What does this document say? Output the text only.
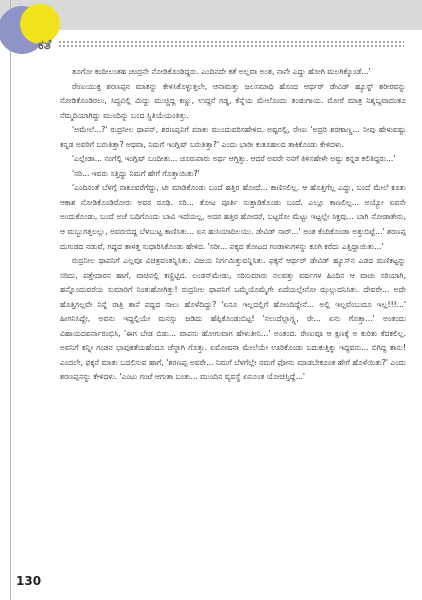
ಕತೆ

ತೂಗೋ ಕಂದೀಲಂತಹ ಚಂದ್ರನೇ ನೋಡಿಕೊಂಡಿದ್ದರು. ಎಂದಿನದೇ ಕತೆ ಅಲ್ಲವಾ ಅಂತ, ನಾನೇ ಎದ್ದು ಹೋಗಿ ಮಲಗಿಕ್ಕೊಂಡೆ...'

ರೇಣುಯುಕ್ತ ಶರಣಪ್ಪನ ಮಾತನ್ನು ಕೇಳಿಸಿಕೊಳ್ಳುತ್ತಲೇ, ಆನಾಮತ್ತು ಜಲಸಮಾಧಿ ಹೊಂದ ಆರ್ಥರ್ ಡೇವಿಡ್ ಹ್ಯೂಸ್ಟ್ ಶರೀರವನ್ನು ನೋಡಿಕೊಂಡಿರಲು, ಸಿದ್ಧವಿಲ್ಲಿ ಮಿದ್ದು ಮುಚ್ಚಿದ್ದ ಕಣ್ಣು, ಉದ್ದನೆ ಗಡ್ಡ, ಕೆನ್ನೆಯ ಮೇಲೊಂದು ತಂಡುಗಾಯ. ಮೋರೆ ಮಾತ್ರ ನಿಶ್ಶಬ್ದವಾದಂತೂ ನೆಮ್ಮದಿಯಾಗಿದ್ದು ಮುಂದಿನ್ನು ಬಂದ ಸ್ಥಿತಿಯೆಯಂತಿತ್ತು.

'ಅಮೇಲೆ...?' ರುದ್ರನೀಲ ಥಾಪನ್, ಶರಣಪ್ಪನಿಗೆ ಮಾತು ಮುಂದುವರಿಸಹೇಳಿದ. ಅಷ್ಟರಲ್ಲಿ, ರೇಣು 'ಅದ್ರರಿ ಶರಣಾಣ್ಣ... ನೀವು ಹೇಳುವಷ್ಟು ಕನ್ನಡ ಅವರಿಗೆ ಬರುತಿತ್ತಾ? ಅಥವಾ, ನಿಮಗೆ ಇಂಗ್ಲಿಷ್ ಬರುತಿತ್ತಾ?' ಎಂದು ಭಾರೀ ಕುತೂಹಲದ ತಾಕಿಕೊಂಡು ಕೇಳಿದಳು.

'ಎಲ್ಲೇಡಾ... ನಂಗೆಲ್ಲಿ ಇಂಗ್ಲಿಷ್ ಬಂದೀತು... ಚೂರುಪಾರು ಅರ್ಥ ಆಗ್ತಿತ್ತು. ಆದರೆ ಅವರೇ ನನಗೆ ತಿಳಿಸಹೇಳೇ ಅಷ್ಟು ಕನ್ನಡ ಕಲಿತಿದ್ದರು...'

'ಸರಿ... ಇವರು ಸತ್ತಿದ್ದು ನಿಮಗೆ ಹೇಗೆ ಗೊತ್ತಾಯಿತು?'

'ಎಂದಿನಂತೆ ಬೆಳಗ್ಗೆ ನಾಕೂವರೆಗೆದ್ದು, ಟೀ ಮಾಡಿಕೊಂಡು ಬಂದೆ ಹತ್ತಿರ ಹೋದೆ... ಕಾಣಿಸಲಿಲ್ಲ. ಆ ಹೊತ್ತಿಗೆಲ್ಲ ಎದ್ದು, ಬಂದೆ ಮೇಲೆ ಕೂತು ಆಕಾಶ ನೋಡಿಕೊಂಡಿರೋರು ಅವರ ರೂಢಿ. ಸರಿ... ತೋಟ ಪೂರ್ತಿ ಸುತ್ತಾಡಿಕೊಂಡು ಬಂದೆ. ಎಲ್ಲೂ ಕಾಣಲಿಲ್ಲ... ಅಯ್ಯೋ ಏವನೇ ಅಂದುಕೊಂಡು, ಬಂದೆ ಅಚೆ ಬದಿಗೊಂದು ಬಾವಿ ಇದೆಯಲ್ಲ, ಅದರ ಹತ್ತಿರ ಹೋದರೆ, ಬಟ್ಟರೋ ಮೆಟ್ಟು ಇಟ್ಟಲ್ಲೇ ಸಿಕ್ತವು... ಬಾಗಿ ನೋಡಾತೇನು, ಆ ಮಬ್ಬುಗತ್ತಲಲ್ಲು, ಅವರುಬಿದ್ದ ಬೆಳಬುಟ್ಟ ಕಾಣಿಸಿತು... ಏನ ಹುಸಿಯಾದಿಲಯು. ಡೇವಿಡ್ ಸಾರ್...' ಅಂತ ಕೆಂದಿಕೊಂಡಾ ಅತ್ತುಬಿಟ್ಟೆ...' ಶರಣಪ್ಪ ದುಗುಡದ ನಡುವೆ, ಗದ್ದದ ತಾಳತ್ತ ಸುಧಾರಿಸಿಕೊಂಡು ಹೇಳಿದ. 'ಸರೀ... ಪಕ್ಕದ ತೋಟದ ಗಂಡಾಳುಗಳನ್ನು ಕೂಗಿ ಕರೆದು ಎತ್ತಿದ್ದಾಯಿತು...'

ರುದ್ರನೀಲ ಥಾಪನಿಗೆ ಎಲ್ಲವೂ ವಿಚಿತ್ರವಂತನ್ನಿಸಿತು. ವಿಜಯ ನಿರ್ಗಮಿತ್ತುವನ್ನಿಸಿತು. ಫಕ್ಕನೆ ಆರ್ಥರ್ ಡೇವಿಡ್ ಹ್ಯೂಸ್‌ನ ಎಡದ ಮಣಿಕಟ್ಟನ್ನು ಸರಿದು, ಪತ್ತೇದಾರನ ಹಾಗೆ, ವಾಚಿನಲ್ಲಿ ಕಣ್ಣಿಟ್ಟಿದ. ಲಂಡನ್‌ಮೇಡು, ಸರಿಸುಮಾರು ನಲವತ್ತು ವರ್ಷಗಳ ಹಿಂದಿನ ಆ ವಾಚು ಸರಿಯಾಗಿ, ಹನ್ನೊಂದುವರೆಯ ಸುಮಾರಿಗೆ ನಿಂತುಹೋಗಿತ್ತು! ರುದ್ರನೀಲ ಥಾಪನಿಗೆ ಒಮ್ಮೆಯೊಮ್ಮೆಗೇ ಏದೆಯಲ್ಲೇನೋ ಝಲ್ಲುದನಿಸಿತು. ದೇವರೇ... ಅದೇ ಹೊತ್ತಿಗಲ್ಲವೇ ನಿನ್ನೆ ರಾತ್ರಿ ತಾನೆ ಪದ್ದದ ಸಾಲು ಹೊಳೆದಿದ್ದು? 'ಏನೂ ಇಲ್ಲದಲ್ಲಿಗೆ ಹೋಂದಿದ್ದೇನೆ... ಅಲ್ಲಿ ಇಲ್ಲವೆಂಬುದೂ ಇಲ್ಲ!!!...' ಹೀಗನಿಸಿದ್ದೇ, ಅವನು ಇದ್ದಲ್ಲಿಯೇ ಮನಸ್ಸು ಜಡಿದು ಹೆಪ್ಪಿಕೊಂಡುಬಿಟ್ಟ! 'ನಲುದೆಲ್ಲಾಗ್ಲ್ಲ, ರೇ... ಏನು ಗೊತ್ತಾ...' ಅಂತಂದು ವಿಹಾಯದವರ್ನಾರಂಭಿಸಿ, 'ಈಗ ಬೇಡ ಬಿಡು... ವಾಪಸು ಹೋಗುವಾಗ ಹೇಳುತೀನಿ...' ಅಂತಂದ. ರೇಣುವೂ ಆ ಕ್ಷಣಕ್ಕೆ ಅ ಕುರಿತು ಕೆದಕಲಿಲ್ಲ. ಅವನಿಗೆ ತನ್ನೀ ಗಂಡನ ಭಾವುಕತೆಯಹೆಂದೂ ಚೆನ್ನಾಗಿ ಗೊತ್ತು. ಏಮೋಷನಾ ಮೇಲೆಯೇ ಊರಿಕೊಂಡು ಬದುಕುತ್ತಿಕ್ಕು ಇದ್ದವನು... ಬಿಗಿದ್ದ ತಾನು! ಎಂದಲೇ, ಫಕ್ಕನೆ ಮಾತು ಬದಲಿಸುವ ಹಾಗೆ, 'ಶರಣಪ್ಪ ಅವರೇ... ನಿಮಗೆ ಬೆಳಗೆಲ್ಲೇ ನಮಗೆ ಫೋನು ಮಾಡಬೇಕೂಂತ ಹೇಗೆ ಹೊಳೆಯಿತು?' ಎಂದು ಶರಣಪ್ಪನನ್ನು ಕೇಳಿದಳು. 'ಎಂಟು ಗಂಟೆ ಆಗುತಾ ಬಂತು... ಮುಂದಿನ ವ್ಯವಸ್ಥೆ ಏನೂಂತ ಯೋಚಿಸ್ತಿದ್ದೆ...'

130
